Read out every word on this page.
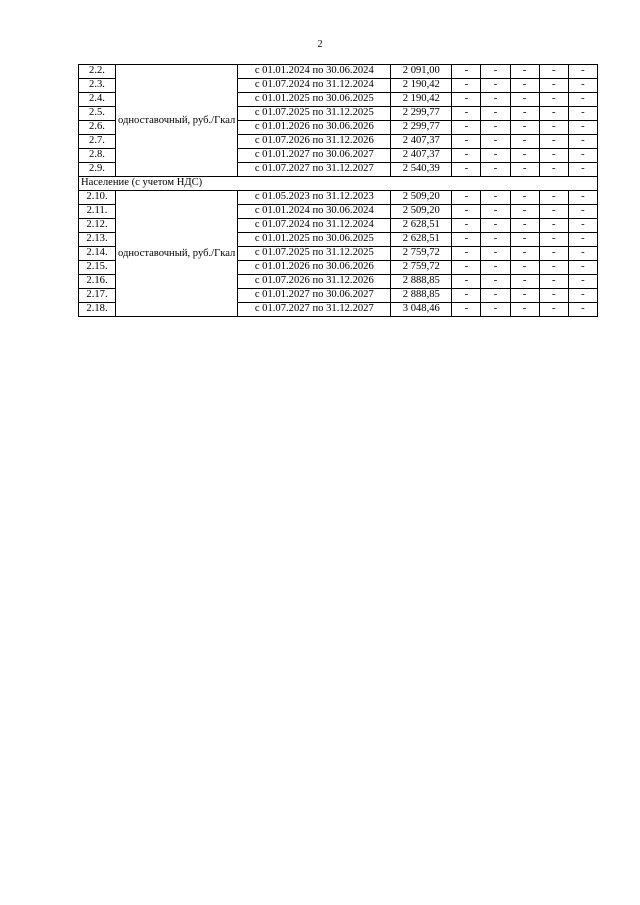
2
2.2.	одноставочный, руб./Гкал	с 01.01.2024 по 30.06.2024	2 091,00	-	-	-	-	-
2.3.		с 01.07.2024 по 31.12.2024	2 190,42	-	-	-	-	-
2.4.		с 01.01.2025 по 30.06.2025	2 190,42	-	-	-	-	-
2.5.		с 01.07.2025 по 31.12.2025	2 299,77	-	-	-	-	-
2.6.		с 01.01.2026 по 30.06.2026	2 299,77	-	-	-	-	-
2.7.		с 01.07.2026 по 31.12.2026	2 407,37	-	-	-	-	-
2.8.		с 01.01.2027 по 30.06.2027	2 407,37	-	-	-	-	-
2.9.		с 01.07.2027 по 31.12.2027	2 540,39	-	-	-	-	-
Население (с учетом НДС)								
2.10.	одноставочный, руб./Гкал	с 01.05.2023 по 31.12.2023	2 509,20	-	-	-	-	-
2.11.		с 01.01.2024 по 30.06.2024	2 509,20	-	-	-	-	-
2.12.		с 01.07.2024 по 31.12.2024	2 628,51	-	-	-	-	-
2.13.		с 01.01.2025 по 30.06.2025	2 628,51	-	-	-	-	-
2.14.		с 01.07.2025 по 31.12.2025	2 759,72	-	-	-	-	-
2.15.		с 01.01.2026 по 30.06.2026	2 759,72	-	-	-	-	-
2.16.		с 01.07.2026 по 31.12.2026	2 888,85	-	-	-	-	-
2.17.		с 01.01.2027 по 30.06.2027	2 888,85	-	-	-	-	-
2.18.		с 01.07.2027 по 31.12.2027	3 048,46	-	-	-	-	-
